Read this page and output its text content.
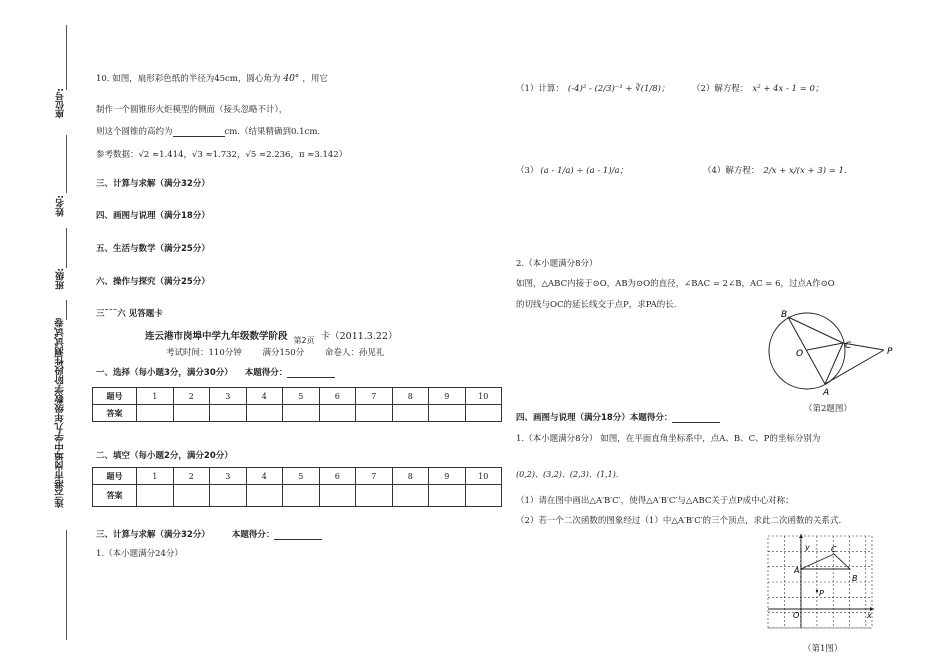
座位号:
姓名:
班级:
连云港市岗埠中学九年级数学阶段性测试试卷
10. 如图，扇形彩色纸的半径为45cm，圆心角为 40° ，用它
制作一个圆锥形火炬模型的侧面（接头忽略不计），
则这个圆锥的高约为	cm.（结果精确到0.1cm.
参考数据：√2 ≈1.414，√3 ≈1.732，√5 ≈2.236，π ≈3.142）
三、计算与求解（满分32分）
四、画图与说理（满分18分）
五、生活与数学（满分25分）
六、操作与探究（满分25分）
三˜˜˜六 见答题卡
连云港市岗埠中学九年级数学阶段 $_{第2页}$ 卡（2011.3.22）
考试时间：110分钟 满分150分 命卷人：孙见礼
一、选择（每小题3分，满分30分） 本题得分：
题号	1	2	3	4	5	6	7	8	9	10
答案										
二、填空（每小题2分，满分20分）
题号	1	2	3	4	5	6	7	8	9	10
答案										
三、计算与求解（满分32分）	本题得分：
1.（本小题满分24分）
（1）计算： (-4)² - (2/3)⁻¹ + ∛(1/8)；	（2）解方程： x² + 4x - 1 = 0；
（3） (a - 1/a) ÷ (a - 1)/a；	（4）解方程： 2/x + x/(x + 3) = 1.
2.（本小题满分8分）
如图，△ABC内接于⊙O，AB为⊙O的直径，∠BAC = 2∠B，AC = 6，过点A作⊙O
的切线与OC的延长线交于点P，求PA的长.
B
O
C
P
A
（第2题图）
四、画图与说理（满分18分）本题得分：
1.（本小题满分8分） 如图，在平面直角坐标系中，点A、B、C、P的坐标分别为
(0,2)、(3,2)、(2,3)、(1,1).
（1）请在图中画出△A′B′C′，使得△A′B′C′与△ABC关于点P成中心对称；
（2）若一个二次函数的图象经过（1）中△A′B′C′的三个顶点，求此二次函数的关系式.
y
x
A
B
C
P
O
（第1图）
